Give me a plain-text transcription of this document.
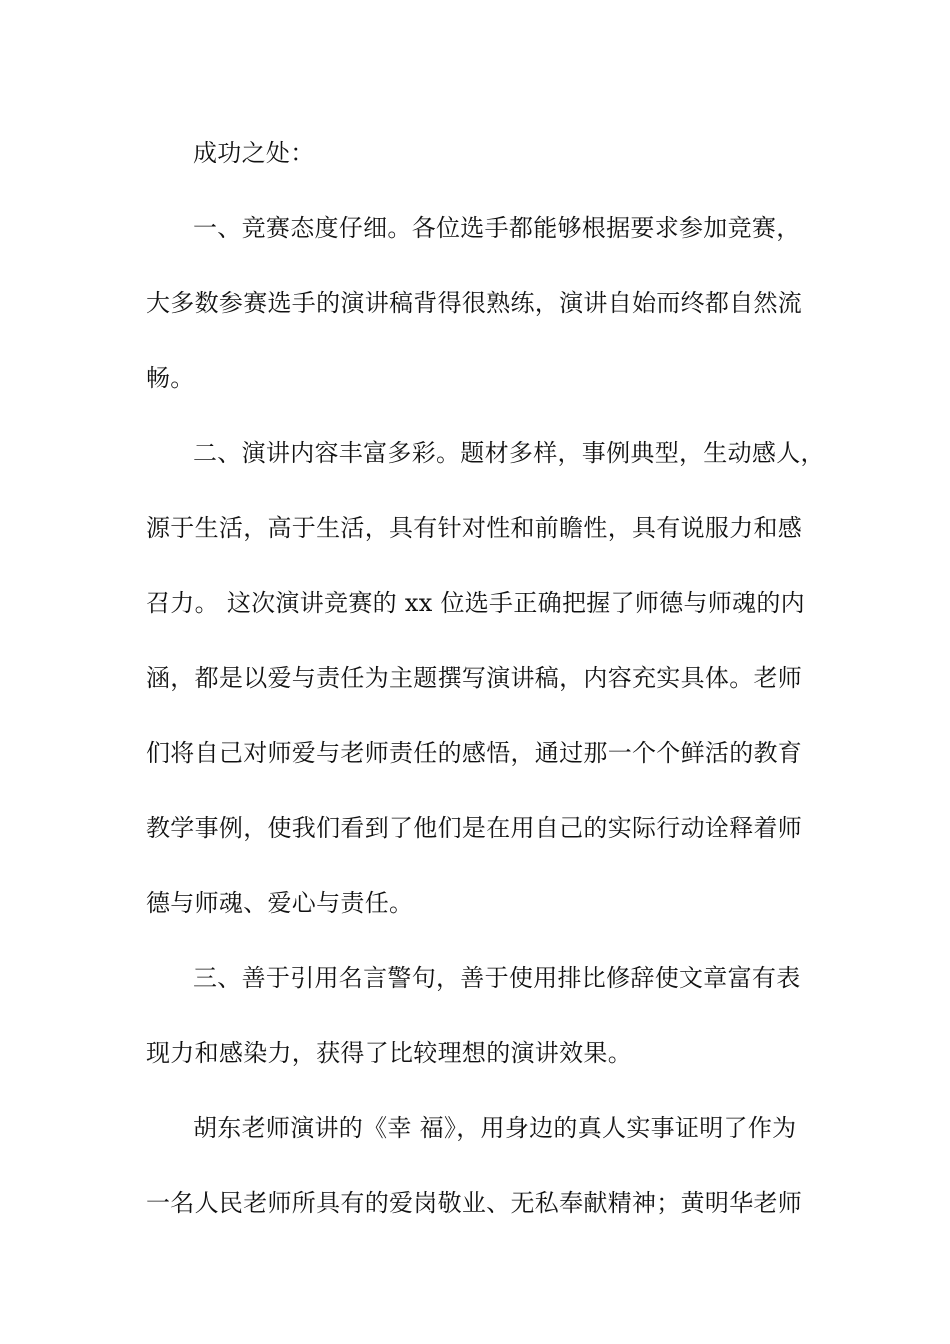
成功之处：
一、竞赛态度仔细。各位选手都能够根据要求参加竞赛，
大多数参赛选手的演讲稿背得很熟练，演讲自始而终都自然流
畅。
二、演讲内容丰富多彩。题材多样，事例典型，生动感人，
源于生活，高于生活，具有针对性和前瞻性，具有说服力和感
召力。 这次演讲竞赛的 xx 位选手正确把握了师德与师魂的内
涵，都是以爱与责任为主题撰写演讲稿，内容充实具体。老师
们将自己对师爱与老师责任的感悟，通过那一个个鲜活的教育
教学事例，使我们看到了他们是在用自己的实际行动诠释着师
德与师魂、爱心与责任。
三、善于引用名言警句，善于使用排比修辞使文章富有表
现力和感染力，获得了比较理想的演讲效果。
胡东老师演讲的《幸 福》，用身边的真人实事证明了作为
一名人民老师所具有的爱岗敬业、无私奉献精神；黄明华老师
